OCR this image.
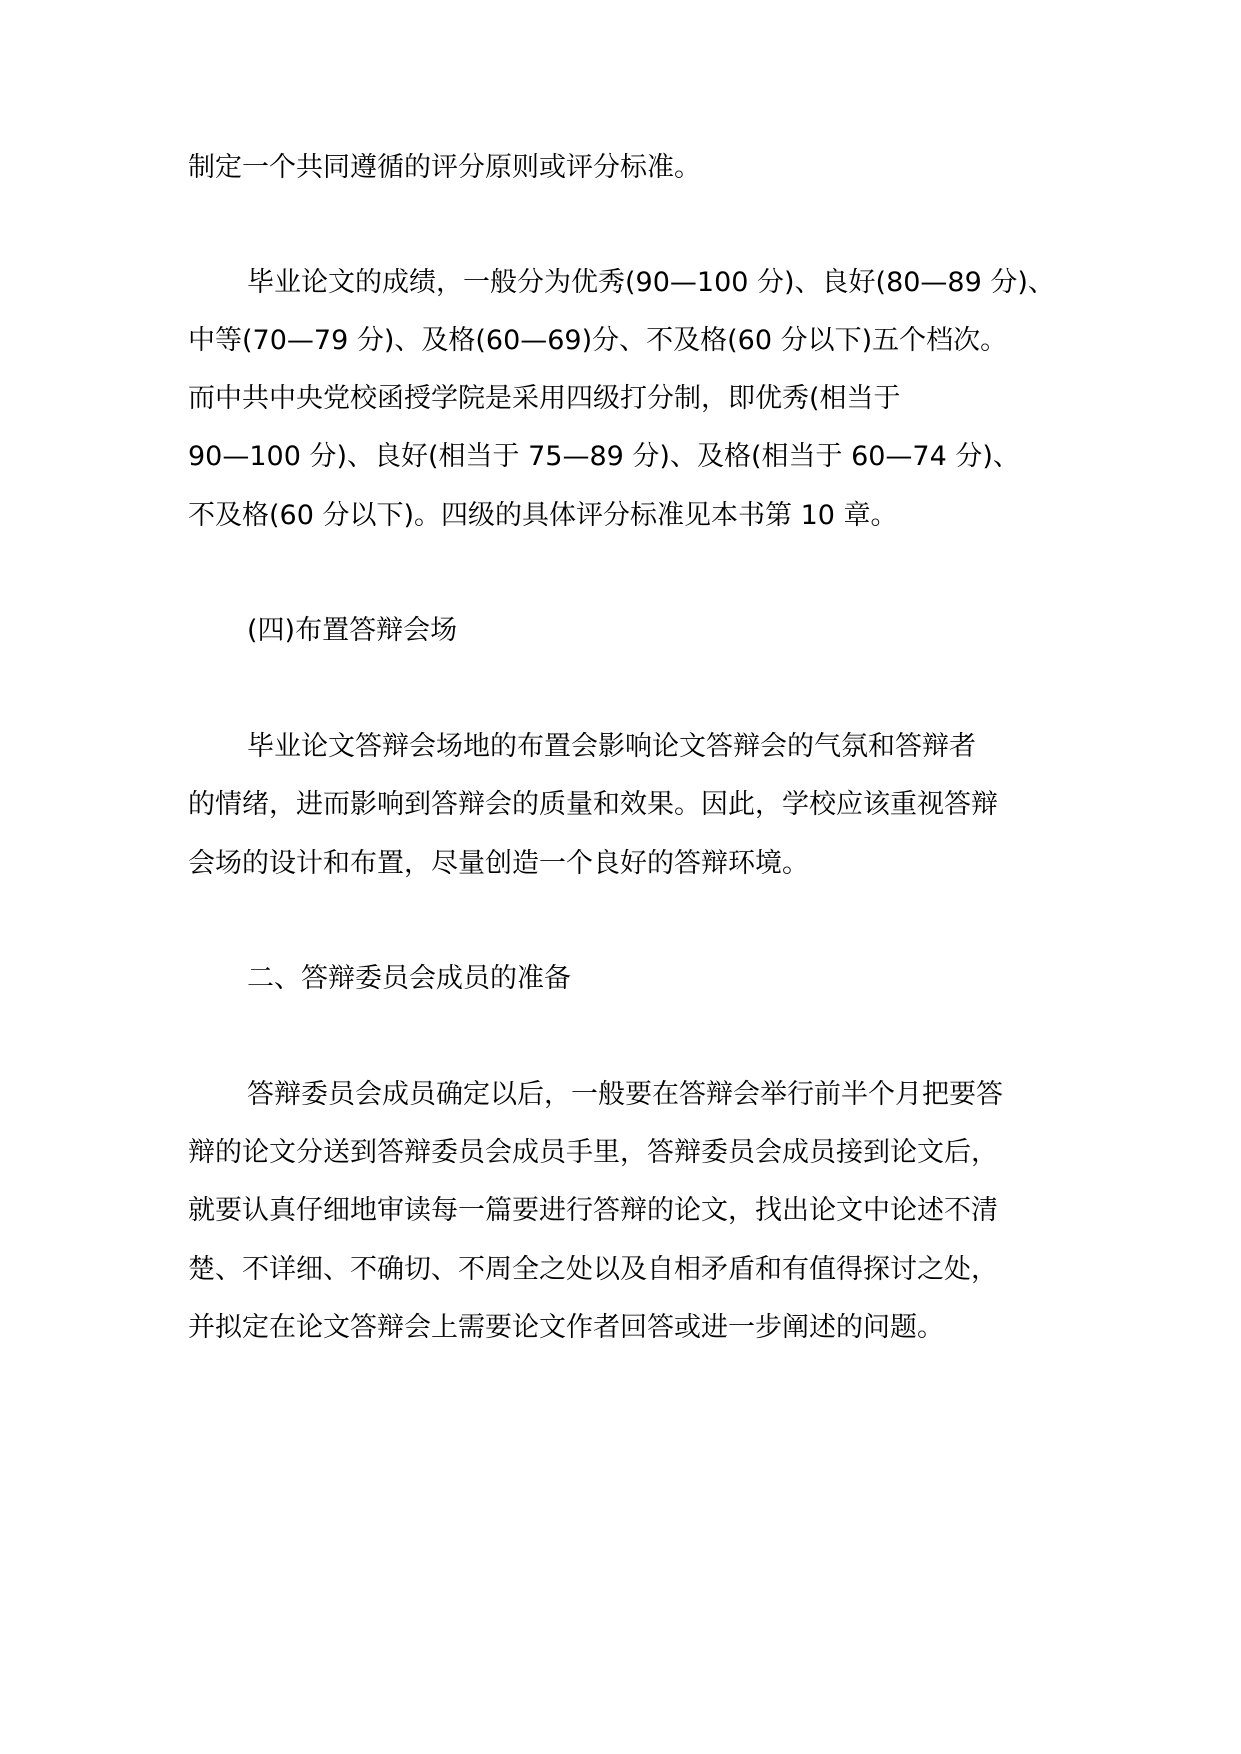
制定一个共同遵循的评分原则或评分标准。
毕业论文的成绩，一般分为优秀(90—100 分)、良好(80—89 分)、
中等(70—79 分)、及格(60—69)分、不及格(60 分以下)五个档次。
而中共中央党校函授学院是采用四级打分制，即优秀(相当于
90—100 分)、良好(相当于 75—89 分)、及格(相当于 60—74 分)、
不及格(60 分以下)。四级的具体评分标准见本书第 10 章。
(四)布置答辩会场
毕业论文答辩会场地的布置会影响论文答辩会的气氛和答辩者
的情绪，进而影响到答辩会的质量和效果。因此，学校应该重视答辩
会场的设计和布置，尽量创造一个良好的答辩环境。
二、答辩委员会成员的准备
答辩委员会成员确定以后，一般要在答辩会举行前半个月把要答
辩的论文分送到答辩委员会成员手里，答辩委员会成员接到论文后，
就要认真仔细地审读每一篇要进行答辩的论文，找出论文中论述不清
楚、不详细、不确切、不周全之处以及自相矛盾和有值得探讨之处，
并拟定在论文答辩会上需要论文作者回答或进一步阐述的问题。
